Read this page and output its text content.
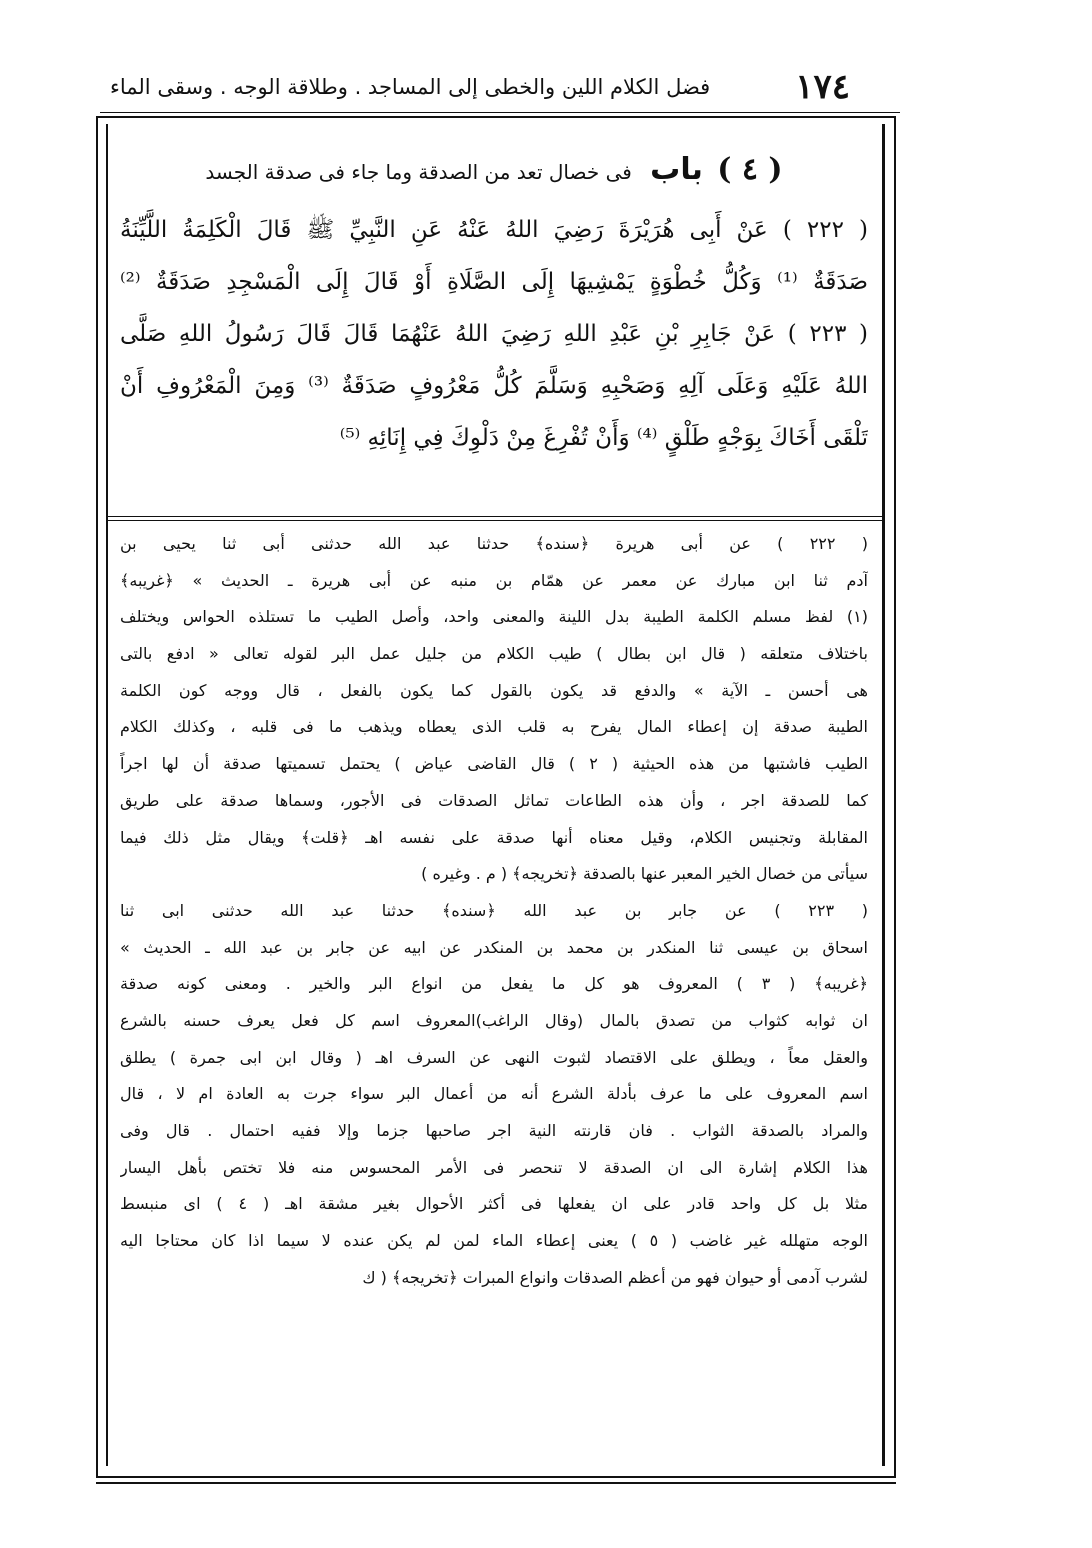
١٧٤
فضل الكلام اللين والخطى إلى المساجد . وطلاقة الوجه . وسقى الماء
( ٤ ) باب فى خصال تعد من الصدقة وما جاء فى صدقة الجسد
( ٢٢٢ ) عَنْ أَبِى هُرَيْرَةَ رَضِيَ اللهُ عَنْهُ عَنِ النَّبِيِّ ﷺ قَالَ الْكَلِمَةُ اللَّيِّنَةُ
صَدَقَةٌ ⁽¹⁾ وَكُلُّ خُطْوَةٍ يَمْشِيهَا إِلَى الصَّلَاةِ أَوْ قَالَ إِلَى الْمَسْجِدِ صَدَقَةٌ ⁽²⁾
( ٢٢٣ ) عَنْ جَابِرِ بْنِ عَبْدِ اللهِ رَضِيَ اللهُ عَنْهُمَا قَالَ قَالَ رَسُولُ اللهِ صَلَّى
اللهُ عَلَيْهِ وَعَلَى آلِهِ وَصَحْبِهِ وَسَلَّمَ كُلُّ مَعْرُوفٍ صَدَقَةٌ ⁽³⁾ وَمِنَ الْمَعْرُوفِ أَنْ
تَلْقَى أَخَاكَ بِوَجْهٍ طَلْقٍ ⁽⁴⁾ وَأَنْ تُفْرِغَ مِنْ دَلْوِكَ فِي إِنَائِهِ ⁽⁵⁾
( ٢٢٢ ) عن أبى هريرة ﴿سنده﴾ حدثنا عبد الله حدثنى أبى ثنا يحيى بن
آدم ثنا ابن مبارك عن معمر عن همّام بن منبه عن أبى هريرة ـ الحديث » ﴿غريبه﴾
(١) لفظ مسلم الكلمة الطيبة بدل اللينة والمعنى واحد، وأصل الطيب ما تستلذه الحواس ويختلف
باختلاف متعلقه ( قال ابن بطال ) طيب الكلام من جليل عمل البر لقوله تعالى « ادفع بالتى
هى أحسن ـ الآية » والدفع قد يكون بالقول كما يكون بالفعل ، قال ووجه كون الكلمة
الطيبة صدقة إن إعطاء المال يفرح به قلب الذى يعطاه ويذهب ما فى قلبه ، وكذلك الكلام
الطيب فاشتبها من هذه الحيثية ( ٢ ) قال القاضى عياض ) يحتمل تسميتها صدقة أن لها اجراً
كما للصدقة اجر ، وأن هذه الطاعات تماثل الصدقات فى الأجور، وسماها صدقة على طريق
المقابلة وتجنيس الكلام، وقيل معناه أنها صدقة على نفسه اهـ ﴿قلت﴾ ويقال مثل ذلك فيما
سيأتى من خصال الخير المعبر عنها بالصدقة ﴿تخريجه﴾ ( م . وغيره )
( ٢٢٣ ) عن جابر بن عبد الله ﴿سنده﴾ حدثنا عبد الله حدثنى ابى ثنا
اسحاق بن عيسى ثنا المنكدر بن محمد بن المنكدر عن ابيه عن جابر بن عبد الله ـ الحديث »
﴿غريبه﴾ ( ٣ ) المعروف هو كل ما يفعل من انواع البر والخير . ومعنى كونه صدقة
ان ثوابه كثواب من تصدق بالمال (وقال الراغب)المعروف اسم كل فعل يعرف حسنه بالشرع
والعقل معاً ، ويطلق على الاقتصاد لثبوت النهى عن السرف اهـ ( وقال ابن ابى جمرة ) يطلق
اسم المعروف على ما عرف بأدلة الشرع أنه من أعمال البر سواء جرت به العادة ام لا ، قال
والمراد بالصدقة الثواب . فان قارنته النية اجر صاحبها جزما وإلا ففيه احتمال . قال وفى
هذا الكلام إشارة الى ان الصدقة لا تنحصر فى الأمر المحسوس منه فلا تختص بأهل اليسار
مثلا بل كل واحد قادر على ان يفعلها فى أكثر الأحوال بغير مشقة اهـ ( ٤ ) اى منبسط
الوجه متهلله غير غاضب ( ٥ ) يعنى إعطاء الماء لمن لم يكن عنده لا سيما اذا كان محتاجا اليه
لشرب آدمى أو حيوان فهو من أعظم الصدقات وانواع المبرات ﴿تخريجه﴾ ( ك
